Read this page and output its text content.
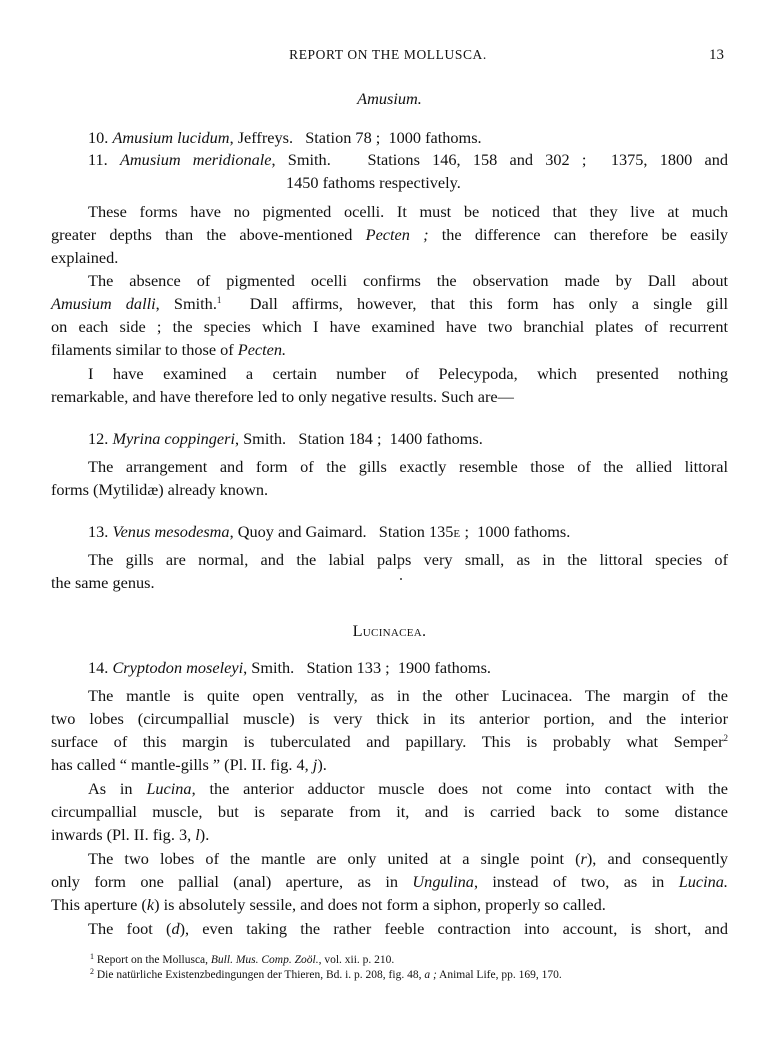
REPORT ON THE MOLLUSCA.	13
Amusium.
10. Amusium lucidum, Jeffreys.   Station 78 ;  1000 fathoms.
11. Amusium meridionale, Smith.   Stations 146, 158 and 302 ;  1375, 1800 and
1450 fathoms respectively.
These forms have no pigmented ocelli. It must be noticed that they live at much
greater depths than the above-mentioned Pecten ; the difference can therefore be easily
explained.
The absence of pigmented ocelli confirms the observation made by Dall about
Amusium dalli, Smith.$^1$  Dall affirms, however, that this form has only a single gill
on each side ; the species which I have examined have two branchial plates of recurrent
filaments similar to those of Pecten.
I have examined a certain number of Pelecypoda, which presented nothing
remarkable, and have therefore led to only negative results. Such are—
12. Myrina coppingeri, Smith.   Station 184 ;  1400 fathoms.
The arrangement and form of the gills exactly resemble those of the allied littoral
forms (Mytilidæ) already known.
13. Venus mesodesma, Quoy and Gaimard.   Station 135e ;  1000 fathoms.
The gills are normal, and the labial palps very small, as in the littoral species of
the same genus.
Lucinacea.
14. Cryptodon moseleyi, Smith.   Station 133 ;  1900 fathoms.
The mantle is quite open ventrally, as in the other Lucinacea. The margin of the
two lobes (circumpallial muscle) is very thick in its anterior portion, and the interior
surface of this margin is tuberculated and papillary. This is probably what Semper$^2$
has called “ mantle-gills ” (Pl. II. fig. 4, j).
As in Lucina, the anterior adductor muscle does not come into contact with the
circumpallial muscle, but is separate from it, and is carried back to some distance
inwards (Pl. II. fig. 3, l).
The two lobes of the mantle are only united at a single point (r), and consequently
only form one pallial (anal) aperture, as in Ungulina, instead of two, as in Lucina.
This aperture (k) is absolutely sessile, and does not form a siphon, properly so called.
The foot (d), even taking the rather feeble contraction into account, is short, and
$^1$ Report on the Mollusca, Bull. Mus. Comp. Zoöl., vol. xii. p. 210.
$^2$ Die natürliche Existenzbedingungen der Thieren, Bd. i. p. 208, fig. 48, a ; Animal Life, pp. 169, 170.
